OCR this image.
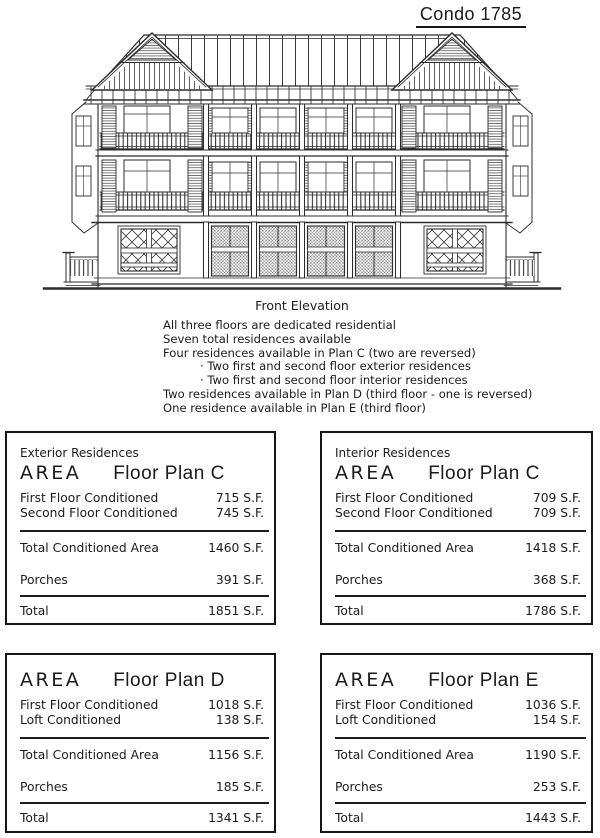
Condo 1785
Front Elevation
All three floors are dedicated residential
Seven total residences available
Four residences available in Plan C (two are reversed)
· Two first and second floor exterior residences
· Two first and second floor interior residences
Two residences available in Plan D (third floor - one is reversed)
One residence available in Plan E (third floor)
Exterior Residences
AREA Floor Plan C
First Floor Conditioned	715 S.F.
Second Floor Conditioned	745 S.F.
Total Conditioned Area	1460 S.F.
Porches	391 S.F.
Total	1851 S.F.
Interior Residences
AREA Floor Plan C
First Floor Conditioned	709 S.F.
Second Floor Conditioned	709 S.F.
Total Conditioned Area	1418 S.F.
Porches	368 S.F.
Total	1786 S.F.
AREA Floor Plan D
First Floor Conditioned	1018 S.F.
Loft Conditioned	138 S.F.
Total Conditioned Area	1156 S.F.
Porches	185 S.F.
Total	1341 S.F.
AREA Floor Plan E
First Floor Conditioned	1036 S.F.
Loft Conditioned	154 S.F.
Total Conditioned Area	1190 S.F.
Porches	253 S.F.
Total	1443 S.F.
